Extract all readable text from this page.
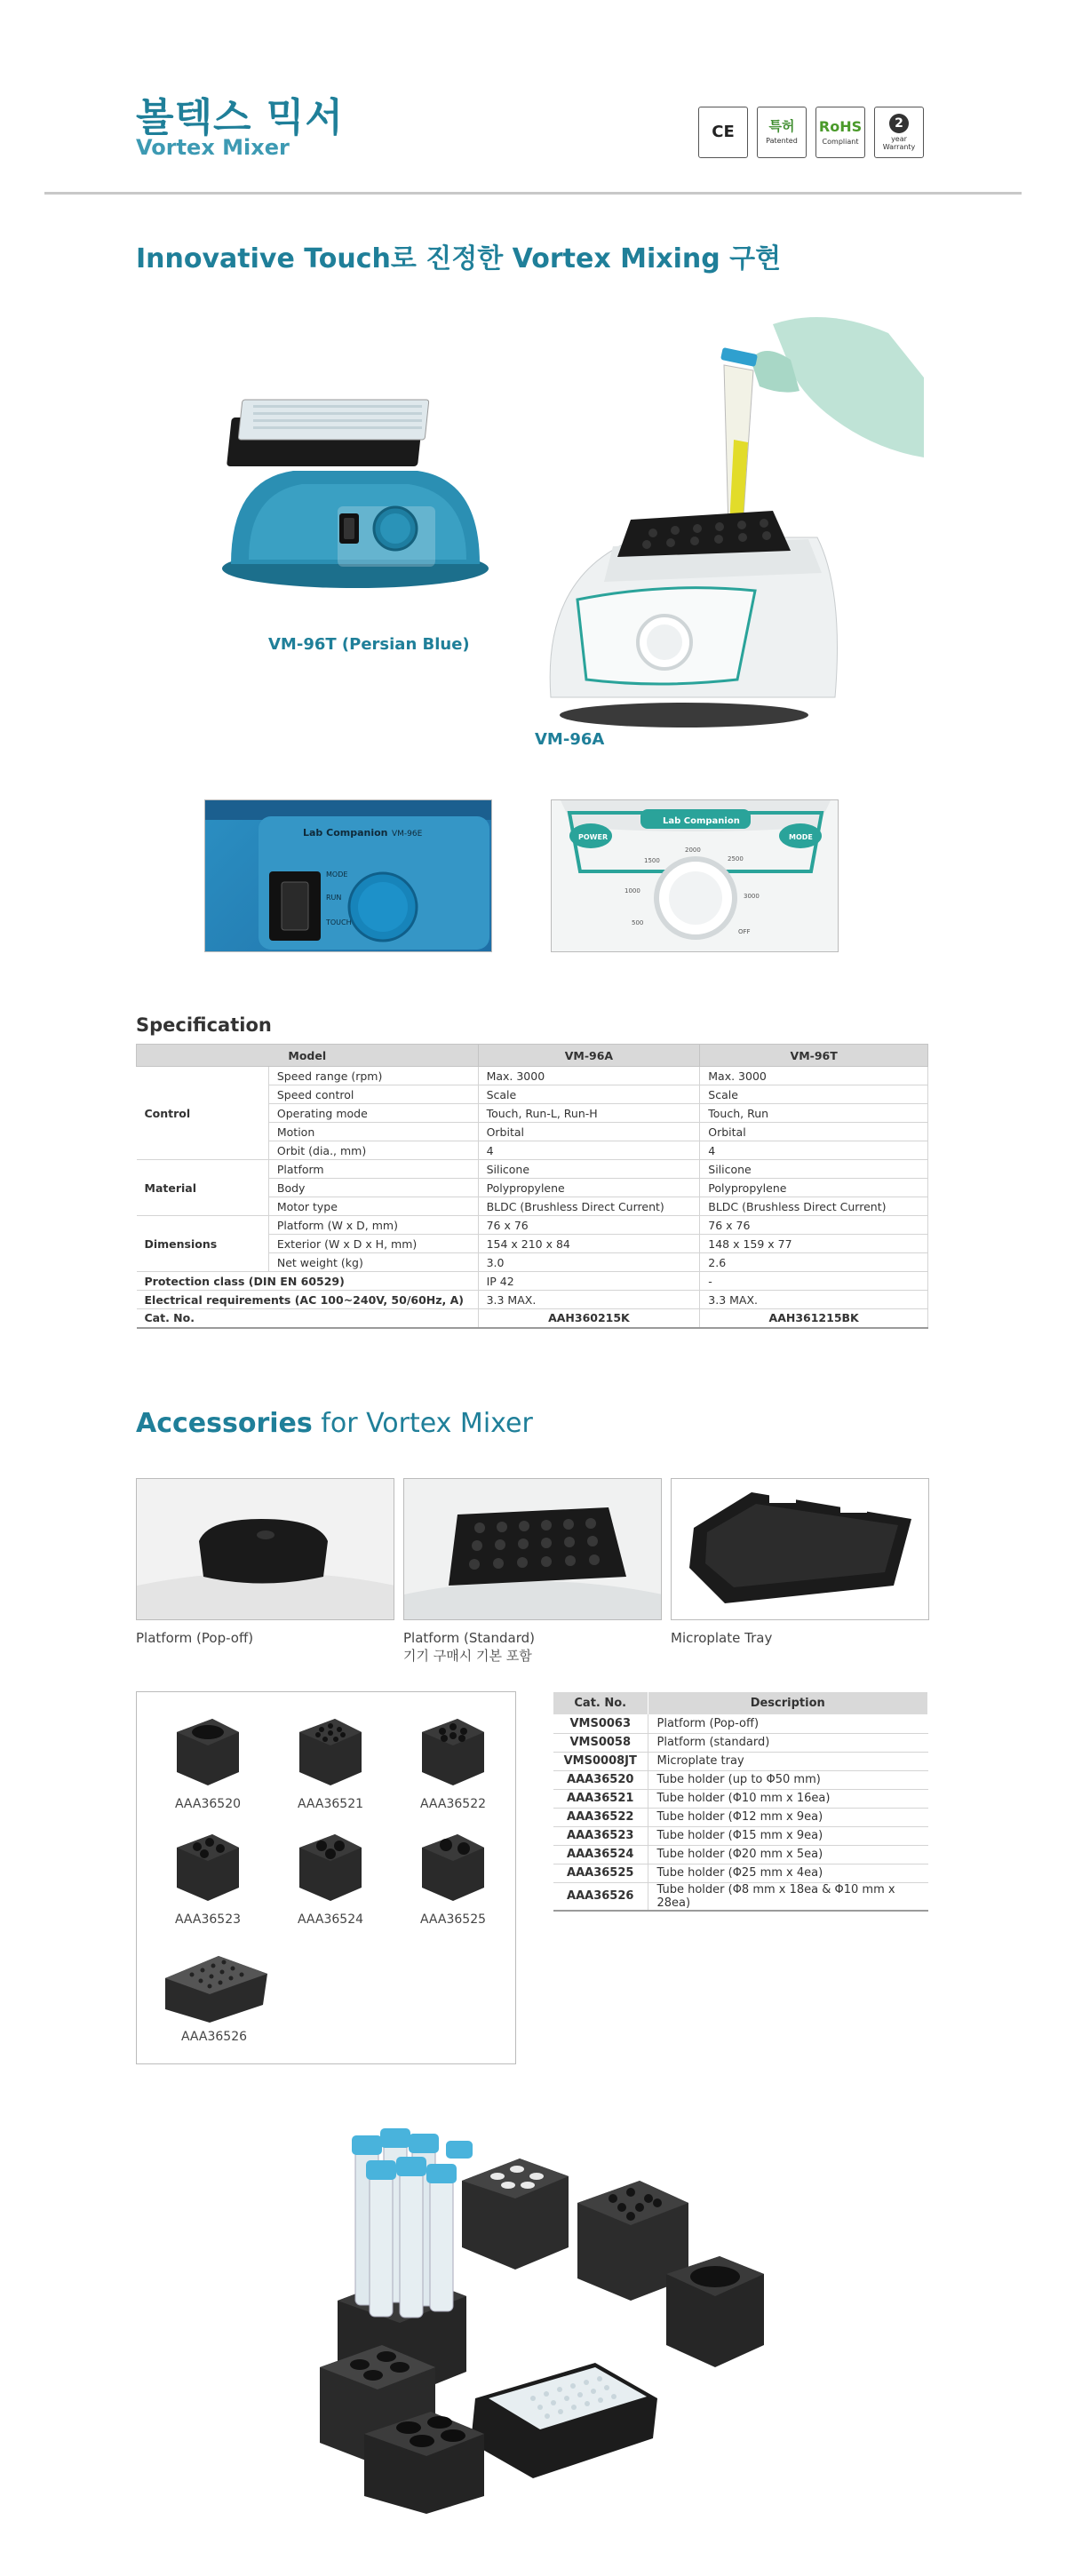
볼텍스 믹서
Vortex Mixer
CE	특허
Patented
RoHS
Compliant
2
year Warranty
Innovative Touch로 진정한 Vortex Mixing 구현
VM-96T (Persian Blue)
VM-96A
Lab Companion VM-96E
MODE
RUN
TOUCH
Lab Companion
POWER	MODE
1500
2000
2500
3000
1000
500
OFF
Specification
Model		VM-96A	VM-96T
Control	Speed range (rpm)	Max. 3000	Max. 3000
	Speed control	Scale	Scale
	Operating mode	Touch, Run-L, Run-H	Touch, Run
	Motion	Orbital	Orbital
	Orbit (dia., mm)	4	4
Material	Platform	Silicone	Silicone
	Body	Polypropylene	Polypropylene
	Motor type	BLDC (Brushless Direct Current)	BLDC (Brushless Direct Current)
Dimensions	Platform (W x D, mm)	76 x 76	76 x 76
	Exterior (W x D x H, mm)	154 x 210 x 84	148 x 159 x 77
	Net weight (kg)	3.0	2.6
Protection class (DIN EN 60529)		IP 42	-
Electrical requirements (AC 100~240V, 50/60Hz, A)		3.3 MAX.	3.3 MAX.
Cat. No.		AAH360215K	AAH361215BK
Accessories for Vortex Mixer
Platform (Pop-off)	Platform (Standard)
기기 구매시 기본 포함
Microplate Tray
AAA36520	AAA36521	AAA36522
AAA36523	AAA36524	AAA36525
AAA36526
Cat. No.	Description
VMS0063	Platform (Pop-off)
VMS0058	Platform (standard)
VMS0008JT	Microplate tray
AAA36520	Tube holder (up to Φ50 mm)
AAA36521	Tube holder (Φ10 mm x 16ea)
AAA36522	Tube holder (Φ12 mm x 9ea)
AAA36523	Tube holder (Φ15 mm x 9ea)
AAA36524	Tube holder (Φ20 mm x 5ea)
AAA36525	Tube holder (Φ25 mm x 4ea)
AAA36526	Tube holder (Φ8 mm x 18ea & Φ10 mm x 28ea)
